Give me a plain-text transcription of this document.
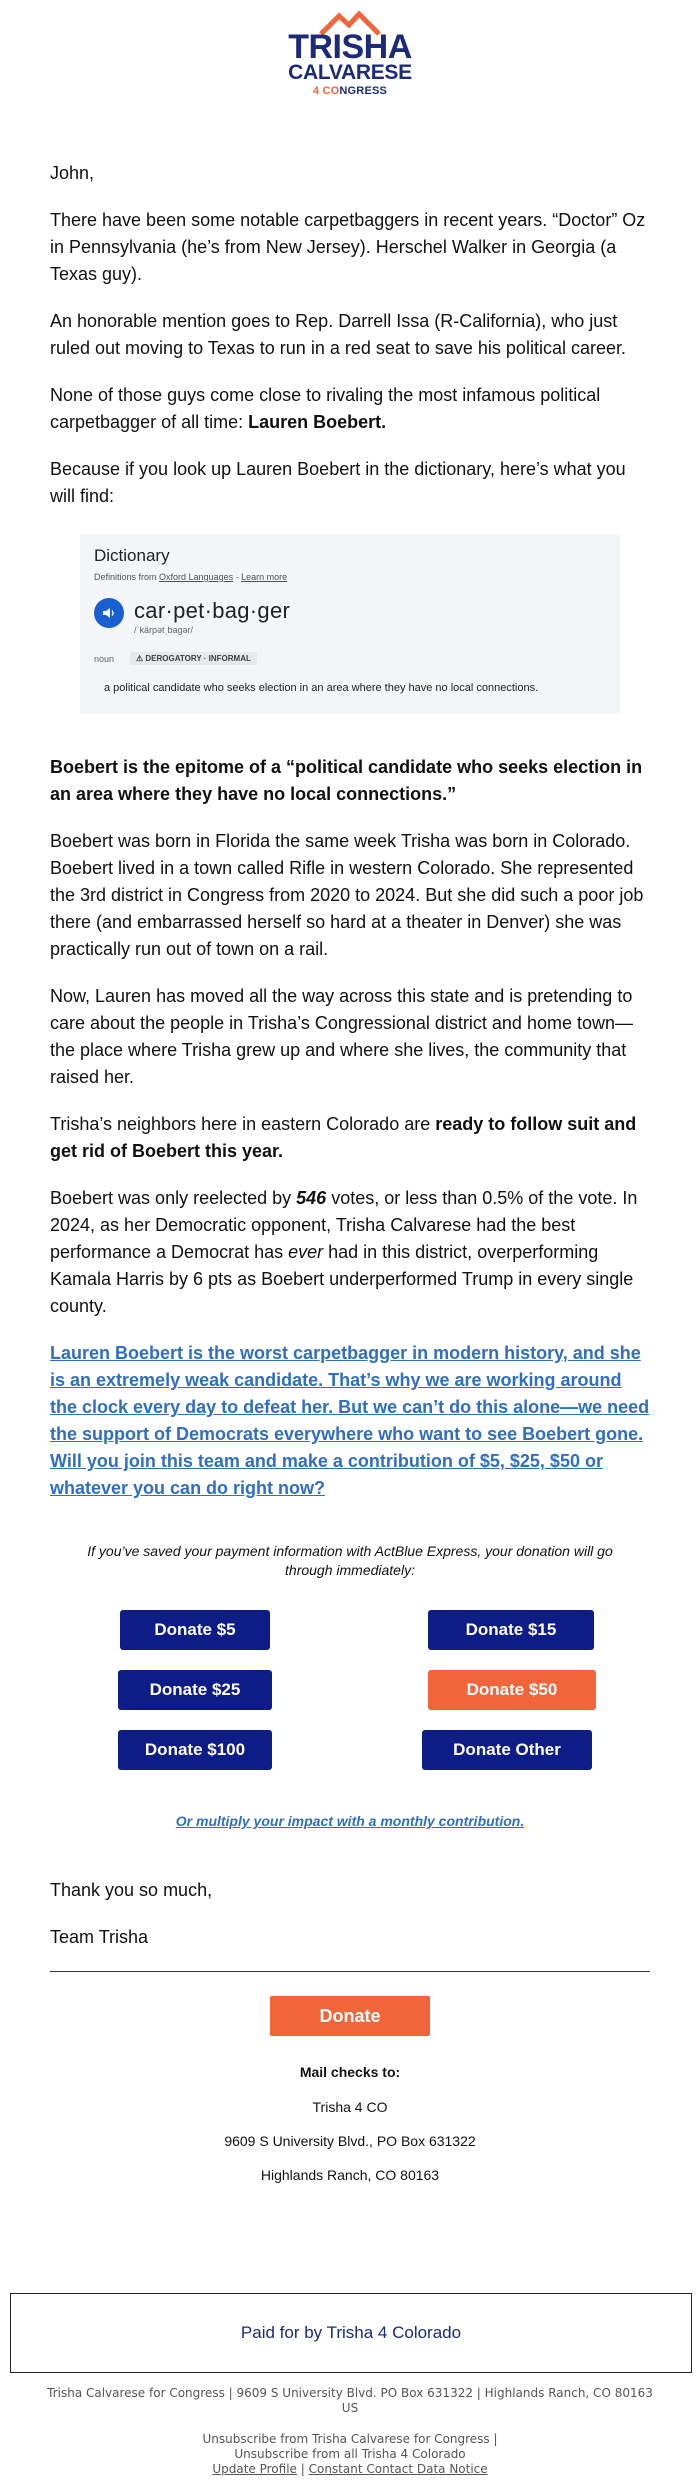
TRISHA
CALVARESE
4 CONGRESS
John,
There have been some notable carpetbaggers in recent years. “Doctor” Oz in Pennsylvania (he’s from New Jersey). Herschel Walker in Georgia (a Texas guy).
An honorable mention goes to Rep. Darrell Issa (R-California), who just ruled out moving to Texas to run in a red seat to save his political career.
None of those guys come close to rivaling the most infamous political carpetbagger of all time: Lauren Boebert.
Because if you look up Lauren Boebert in the dictionary, here’s what you will find:
Dictionary
Definitions from Oxford Languages · Learn more
car·pet·bag·ger
/ˈkärpətˌbaɡər/
noun	⚠ DEROGATORY · INFORMAL
a political candidate who seeks election in an area where they have no local connections.
Boebert is the epitome of a “political candidate who seeks election in an area where they have no local connections.”
Boebert was born in Florida the same week Trisha was born in Colorado. Boebert lived in a town called Rifle in western Colorado. She represented the 3rd district in Congress from 2020 to 2024. But she did such a poor job there (and embarrassed herself so hard at a theater in Denver) she was practically run out of town on a rail.
Now, Lauren has moved all the way across this state and is pretending to care about the people in Trisha’s Congressional district and home town—the place where Trisha grew up and where she lives, the community that raised her.
Trisha’s neighbors here in eastern Colorado are ready to follow suit and get rid of Boebert this year.
Boebert was only reelected by 546 votes, or less than 0.5% of the vote. In 2024, as her Democratic opponent, Trisha Calvarese had the best performance a Democrat has ever had in this district, overperforming Kamala Harris by 6 pts as Boebert underperformed Trump in every single county.
Lauren Boebert is the worst carpetbagger in modern history, and she is an extremely weak candidate. That’s why we are working around the clock every day to defeat her. But we can’t do this alone—we need the support of Democrats everywhere who want to see Boebert gone. Will you join this team and make a contribution of $5, $25, $50 or whatever you can do right now?
If you’ve saved your payment information with ActBlue Express, your donation will go through immediately:
Donate $5	Donate $15
Donate $25	Donate $50
Donate $100	Donate Other
Or multiply your impact with a monthly contribution.
Thank you so much,
Team Trisha
Donate
Mail checks to:
Trisha 4 CO
9609 S University Blvd., PO Box 631322
Highlands Ranch, CO 80163
Paid for by Trisha 4 Colorado
Trisha Calvarese for Congress | 9609 S University Blvd. PO Box 631322 | Highlands Ranch, CO 80163 US
Unsubscribe from Trisha Calvarese for Congress |
Unsubscribe from all Trisha 4 Colorado
Update Profile | Constant Contact Data Notice
